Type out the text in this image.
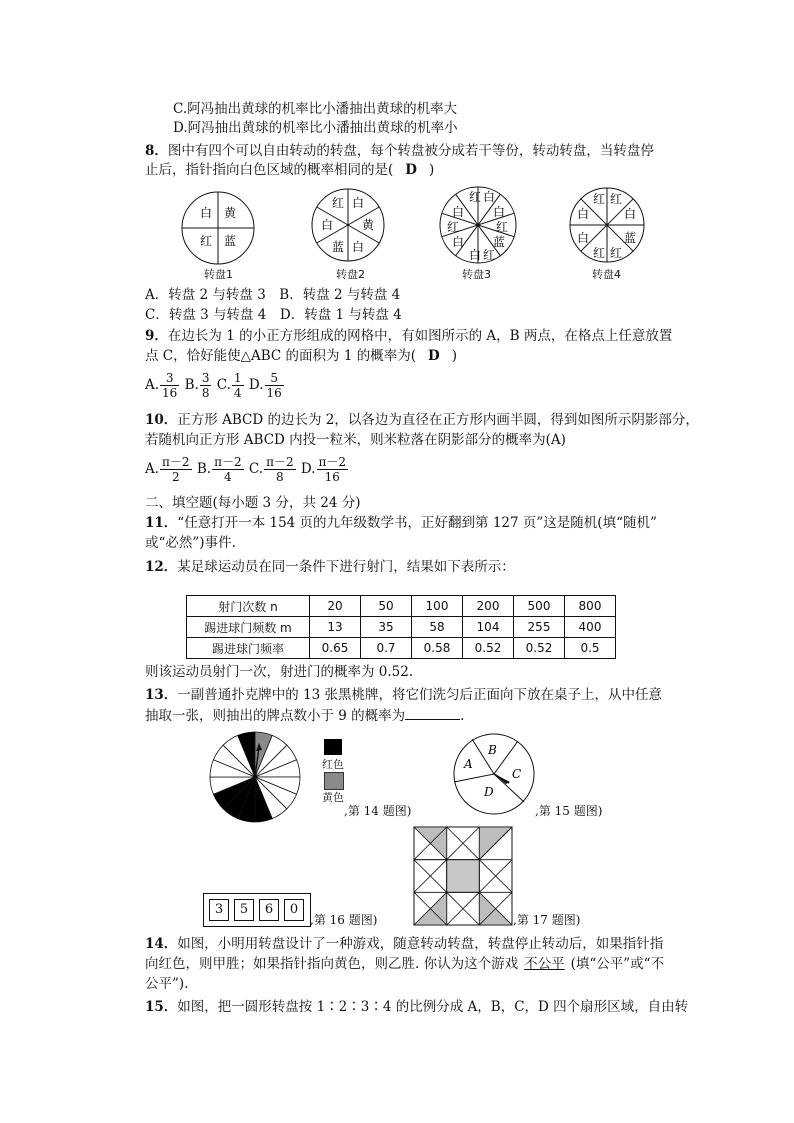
C.阿冯抽出黄球的机率比小潘抽出黄球的机率大
D.阿冯抽出黄球的机率比小潘抽出黄球的机率小
8．图中有四个可以自由转动的转盘，每个转盘被分成若干等份，转动转盘，当转盘停
止后，指针指向白色区域的概率相同的是( D )
白 黄
红 蓝
转盘1
红 白
黄
白
蓝
白
转盘2
红 白
白
红
蓝
红
白
白
红
白
转盘3
红 红
白
蓝
红
红
白
白
转盘4
A．转盘 2 与转盘 3　B．转盘 2 与转盘 4
C．转盘 3 与转盘 4　D．转盘 1 与转盘 4
9．在边长为 1 的小正方形组成的网格中，有如图所示的 A，B 两点，在格点上任意放置
点 C，恰好能使△ABC 的面积为 1 的概率为( D )
A. $\frac{3}{16} B$. $\frac{3}{8} C$. $\frac{1}{4} D$. $\frac{5}{16}$
10．正方形 ABCD 的边长为 2，以各边为直径在正方形内画半圆，得到如图所示阴影部分，
若随机向正方形 ABCD 内投一粒米，则米粒落在阴影部分的概率为(A)
A. $\frac{\pi-2}{2} B$. $\frac{\pi-2}{4} C$. $\frac{\pi-2}{8} D$. $\frac{\pi-2}{16}$
二、填空题(每小题 3 分，共 24 分)
11．“任意打开一本 154 页的九年级数学书，正好翻到第 127 页”这是随机(填“随机”
或“必然”)事件.
12．某足球运动员在同一条件下进行射门，结果如下表所示：
射门次数 n	20	50	100	200	500	800
踢进球门频数 m	13	35	58	104	255	400
踢进球门频率	0.65	0.7	0.58	0.52	0.52	0.5
则该运动员射门一次，射进门的概率为 0.52.
13．一副普通扑克牌中的 13 张黑桃牌，将它们洗匀后正面向下放在桌子上，从中任意
抽取一张，则抽出的牌点数小于 9 的概率为	.
红色
黄色
,第 14 题图)
A
B
C
D
,第 15 题图)
3	5	6	0
,第 16 题图)	,第 17 题图)
14．如图，小明用转盘设计了一种游戏，随意转动转盘，转盘停止转动后，如果指针指
向红色，则甲胜；如果指针指向黄色，则乙胜. 你认为这个游戏 不公平 (填“公平”或“不
公平”).
15．如图，把一圆形转盘按 1∶2∶3∶4 的比例分成 A，B，C，D 四个扇形区域，自由转
